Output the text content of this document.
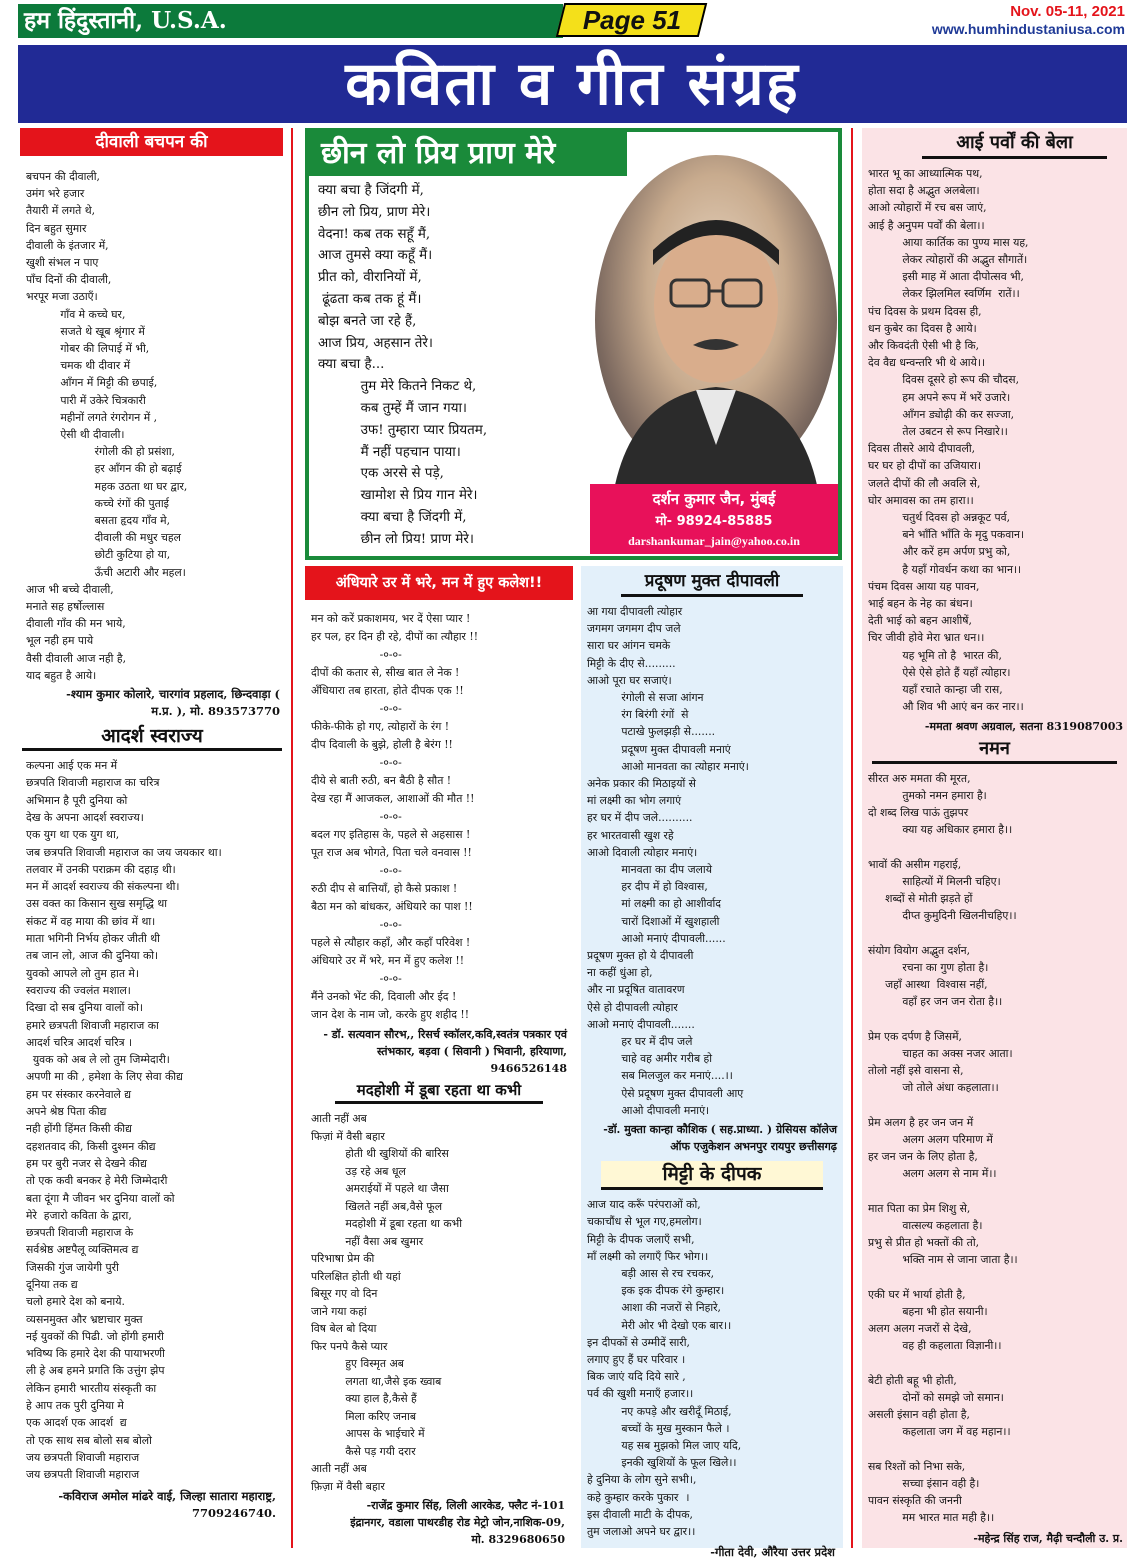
हम हिंदुस्तानी, U.S.A.	Page 51	Nov. 05-11, 2021
www.humhindustaniusa.com
कविता व गीत संग्रह
दीवाली बचपन की
बचपन की दीवाली,
उमंग भरे हजार
तैयारी में लगते थे,
दिन बहुत सुमार
दीवाली के इंतजार में,
खुशी संभल न पाए
पाँच दिनों की दीवाली,
भरपूर मजा उठाएँ।
गाँव मे कच्चे घर,
सजते थे खूब श्रृंगार में
गोबर की लिपाई में भी,
चमक थी दीवार में
आँगन में मिट्टी की छपाई,
पारी में उकेरे चित्रकारी
महीनों लगते रंगरोगन में ,
ऐसी थी दीवाली।
रंगोली की हो प्रसंशा,
हर आँगन की हो बढ़ाई
महक उठता था घर द्वार,
कच्चे रंगों की पुताई
बसता हृदय गाँव मे,
दीवाली की मधुर चहल
छोटी कुटिया हो या,
ऊँची अटारी और महल।
आज भी बच्चे दीवाली,
मनाते सह हर्षोल्लास
दीवाली गाँव की मन भाये,
भूल नही हम पाये
वैसी दीवाली आज नही है,
याद बहुत है आये।
-श्याम कुमार कोलारे, चारगांव प्रहलाद, छिन्दवाड़ा ( म.प्र. ), मो. 893573770
आदर्श स्वराज्य
कल्पना आई एक मन में
छत्रपति शिवाजी महाराज का चरित्र
अभिमान है पूरी दुनिया को
देख के अपना आदर्श स्वराज्य।
एक युग था एक युग था,
जब छत्रपति शिवाजी महाराज का जय जयकार था।
तलवार में उनकी पराक्रम की दहाड़ थी।
मन में आदर्श स्वराज्य की संकल्पना थी।
उस वक्त का किसान सुख समृद्धि था
संकट में वह माया की छांव में था।
माता भगिनी निर्भय होकर जीती थी
तब जान लो, आज की दुनिया को।
युवको आपले लो तुम हात मे।
स्वराज्य की ज्वलंत मशाल।
दिखा दो सब दुनिया वालों को।
हमारे छत्रपती शिवाजी महाराज का
आदर्श चरित्र आदर्श चरित्र ।
युवक को अब ले लो तुम जिम्मेदारी।
अपणी मा की , हमेशा के लिए सेवा कीद्य
हम पर संस्कार करनेवाले द्य
अपने श्रेष्ठ पिता कीद्य
नही होंगी हिंमत किसी कीद्य
दहशतवाद की, किसी दुश्मन कीद्य
हम पर बुरी नजर से देखने कीद्य
तो एक कवी बनकर हे मेरी जिम्मेदारी
बता दूंगा मै जीवन भर दुनिया वालों को
मेरे  हजारो कविता के द्वारा,
छत्रपती शिवाजी महाराज के
सर्वश्रेष्ठ अष्टपैलू व्यक्तिमत्व द्य
जिसकी गुंज जायेगी पुरी
दूनिया तक द्य
चलो हमारे देश को बनाये.
व्यसनमुक्त और भ्रष्टाचार मुक्त
नई युवकों की पिढी. जो होंगी हमारी
भविष्य कि हमारे देश की पायाभरणी
ली हे अब हमने प्रगति कि उत्तुंग झेप
लेकिन हमारी भारतीय संस्कृती का
हे आप तक पुरी दुनिया मे
एक आदर्श एक आदर्श  द्य
तो एक साथ सब बोलो सब बोलो
जय छत्रपती शिवाजी महाराज
जय छत्रपती शिवाजी महाराज
-कविराज अमोल मांढरे वाई, जिल्हा सातारा महाराष्ट्र, 7709246740.
छीन लो प्रिय प्राण मेरे
क्या बचा है जिंदगी में,
छीन लो प्रिय, प्राण मेरे।
वेदना! कब तक सहूँ मैं,
आज तुमसे क्या कहूँ मैं।
प्रीत को, वीरानियों में,
ढूंढता कब तक हूं मैं।
बोझ बनते जा रहे हैं,
आज प्रिय, अहसान तेरे।
क्या बचा है...
तुम मेरे कितने निकट थे,
कब तुम्हें मैं जान गया।
उफ! तुम्हारा प्यार प्रियतम,
मैं नहीं पहचान पाया।
एक अरसे से पड़े,
खामोश से प्रिय गान मेरे।
क्या बचा है जिंदगी में,
छीन लो प्रिय! प्राण मेरे।
दर्शन कुमार जैन, मुंबई
मो- 98924-85885
darshankumar_jain@yahoo.co.in
अंधियारे उर में भरे, मन में हुए कलेश!!
मन को करें प्रकाशमय, भर दें ऐसा प्यार !
हर पल, हर दिन ही रहे, दीपों का त्यौहार !!
-०-०-
दीपों की कतार से, सीख बात ले नेक !
अँधियारा तब हारता, होते दीपक एक !!
-०-०-
फीके-फीके हो गए, त्योहारों के रंग !
दीप दिवाली के बुझे, होली है बेरंग !!
-०-०-
दीये से बाती रुठी, बन बैठी है सौत !
देख रहा मैं आजकल, आशाओं की मौत !!
-०-०-
बदल गए इतिहास के, पहले से अहसास !
पूत राज अब भोगते, पिता चले वनवास !!
-०-०-
रुठी दीप से बात्तियाँ, हो कैसे प्रकाश !
बैठा मन को बांधकर, अंधियारे का पाश !!
-०-०-
पहले से त्यौहार कहाँ, और कहाँ परिवेश !
अंधियारे उर में भरे, मन में हुए कलेश !!
-०-०-
मैंने उनको भेंट की, दिवाली और ईद !
जान देश के नाम जो, करके हुए शहीद !!
- डॉ. सत्यवान सौरभ,, रिसर्च स्कॉलर,कवि,स्वतंत्र पत्रकार एवं स्तंभकार, बड़वा ( सिवानी ) भिवानी, हरियाणा, 9466526148
मदहोशी में डूबा रहता था कभी
आती नहीं अब
फिज़ां में वैसी बहार
होती थी खुशियों की बारिस
उड़ रहे अब धूल
अमराईयों में पहले था जैसा
खिलते नहीं अब,वैसे फूल
मदहोशी में डूबा रहता था कभी
नहीं वैसा अब खुमार
परिभाषा प्रेम की
परिलक्षित होती थी यहां
बिसूर गए वो दिन
जाने गया कहां
विष बेल बो दिया
फिर पनपे कैसे प्यार
हुए विस्मृत अब
लगता था,जैसे इक ख्वाब
क्या हाल है,कैसे हैं
मिला करिए जनाब
आपस के भाईचारे में
कैसे पड़ गयी दरार
आती नहीं अब
फ़िज़ा में वैसी बहार
-राजेंद्र कुमार सिंह, लिली आरकेड, फ्लैट नं-101 इंद्रानगर, वडाला पाथरडीह रोड मेट्रो जोन,नाशिक-09, मो. 8329680650
प्रदूषण मुक्त दीपावली
आ गया दीपावली त्योहार
जगमग जगमग दीप जले
सारा घर आंगन चमके
मिट्टी के दीए से.........
आओ पूरा घर सजाएं।
रंगोली से सजा आंगन
रंग बिरंगी रंगों  से
पटाखे फुलझड़ी से.......
प्रदूषण मुक्त दीपावली मनाएं
आओ मानवता का त्योहार मनाएं।
अनेक प्रकार की मिठाइयों से
मां लक्ष्मी का भोग लगाएं
हर घर में दीप जले..........
हर भारतवासी खुश रहे
आओ दिवाली त्योहार मनाएं।
मानवता का दीप जलाये
हर दीप में हो विश्वास,
मां लक्ष्मी का हो आशीर्वाद
चारों दिशाओं में खुशहाली
आओ मनाएं दीपावली......
प्रदूषण मुक्त हो ये दीपावली
ना कहीं धुंआ हो,
और ना प्रदूषित वातावरण
ऐसे हो दीपावली त्योहार
आओ मनाएं दीपावली.......
हर घर में दीप जले
चाहे वह अमीर गरीब हो
सब मिलजुल कर मनाएं....।।
ऐसे प्रदूषण मुक्त दीपावली आए
आओ दीपावली मनाएं।
-डॉ. मुक्ता कान्हा कौशिक ( सह.प्राध्या. ) ग्रेसियस कॉलेज ऑफ एजुकेशन अभनपुर रायपुर छत्तीसगढ़
मिट्टी के दीपक
आज याद करूँ परंपराओं को,
चकाचौंध से भूल गए,हमलोग।
मिट्टी के दीपक जलाएँ सभी,
माँ लक्ष्मी को लगाएँ फिर भोग।।
बड़ी आस से रच रचकर,
इक इक दीपक रंगे कुम्हार।
आशा की नजरों से निहारे,
मेरी ओर भी देखो एक बार।।
इन दीपकों से उम्मीदें सारी,
लगाए हुए हैं घर परिवार ।
बिक जाएं यदि दिये सारे ,
पर्व की खुशी मनाएँ हजार।।
नए कपड़े और खरीदूँ मिठाई,
बच्चों के मुख मुस्कान फैले ।
यह सब मुझको मिल जाए यदि,
इनकी खुशियों के फूल खिले।।
हे दुनिया के लोग सुने सभी।,
कहे कुम्हार करके पुकार  ।
इस दीवाली माटी के दीपक,
तुम जलाओ अपने घर द्वार।।
-गीता देवी, औरैया उत्तर प्रदेश
आई पर्वों की बेला
भारत भू का आध्यात्मिक पथ,
होता सदा है अद्भुत अलबेला।
आओ त्योहारों में रच बस जाएं,
आई है अनुपम पर्वों की बेला।।
आया कार्तिक का पुण्य मास यह,
लेकर त्योहारों की अद्भुत सौगातें।
इसी माह में आता दीपोत्सव भी,
लेकर झिलमिल स्वर्णिम  रातें।।
पंच दिवस के प्रथम दिवस ही,
धन कुबेर का दिवस है आये।
और किवदंती ऐसी भी है कि,
देव वैद्य धन्वन्तरि भी थे आये।।
दिवस दूसरे हो रूप की चौदस,
हम अपने रूप में भरें उजारे।
आँगन ड्योढ़ी की कर सज्जा,
तेल उबटन से रूप निखारे।।
दिवस तीसरे आये दीपावली,
घर घर हो दीपों का उजियारा।
जलते दीपों की लौ अवलि से,
घोर अमावस का तम हारा।।
चतुर्थ दिवस हो अन्नकूट पर्व,
बने भाँति भाँति के मृदु पकवान।
और करें हम अर्पण प्रभु को,
है यहाँ गोवर्धन कथा का भान।।
पंचम दिवस आया यह पावन,
भाई बहन के नेह का बंधन।
देती भाई को बहन आशीषें,
चिर जीवी होवे मेरा भ्रात धन।।
यह भूमि तो है  भारत की,
ऐसे ऐसे होते हैं यहाँ त्योहार।
यहाँ रचाते कान्हा जी रास,
औ शिव भी आएं बन कर नार।।
-ममता श्रवण अग्रवाल, सतना 8319087003
नमन
सीरत अरु ममता की मूरत,
तुमको नमन हमारा है।
दो शब्द लिख पाऊं तुझपर
क्या यह अधिकार हमारा है।।

भावों की असीम गहराई,
साहित्यों में मिलनी चहिए।
शब्दों से मोती झड़ते हों
दीप्त कुमुदिनी खिलनीचहिए।।

संयोग वियोग अद्भुत दर्शन,
रचना का गुण होता है।
जहाँ आस्था  विश्वास नहीं,
वहाँ हर जन जन रोता है।।

प्रेम एक दर्पण है जिसमें,
चाहत का अक्स नजर आता।
तोलो नहीं इसे वासना से,
जो तोले अंधा कहलाता।।

प्रेम अलग है हर जन जन में
अलग अलग परिमाण में
हर जन जन के लिए होता है,
अलग अलग से नाम में।।

मात पिता का प्रेम शिशु से,
वात्सल्य कहलाता है।
प्रभु से प्रीत हो भक्तों की तो,
भक्ति नाम से जाना जाता है।।

एकी घर में भार्या होती है,
बहना भी होत सयानी।
अलग अलग नजरों से देखे,
वह ही कहलाता विज्ञानी।।

बेटी होती बहू भी होती,
दोनों को समझे जो समान।
असली इंसान वही होता है,
कहलाता जग में वह महान।।

सब रिश्तों को निभा सके,
सच्चा इंसान वही है।
पावन संस्कृति की जननी
मम भारत मात मही है।।
-महेन्द्र सिंह राज, मैढ़ी चन्दौली उ. प्र.
